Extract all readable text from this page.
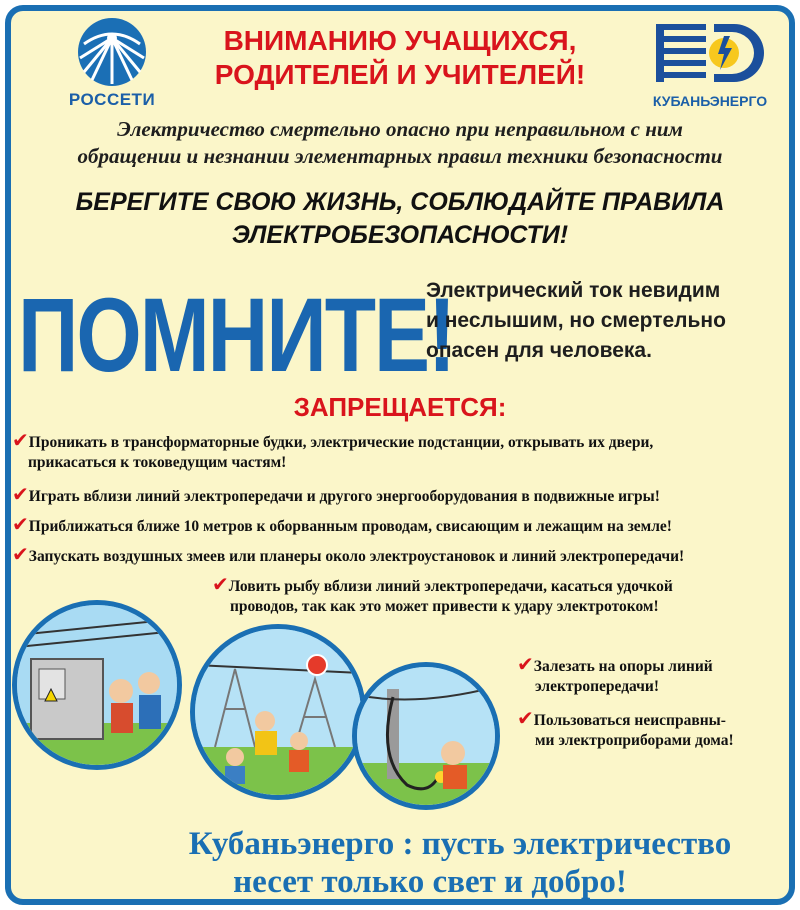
РОССЕТИ	КУБАНЬЭНЕРГО
ВНИМАНИЮ УЧАЩИХСЯ,
РОДИТЕЛЕЙ И УЧИТЕЛЕЙ!
Электричество смертельно опасно при неправильном с ним
обращении и незнании элементарных правил техники безопасности
БЕРЕГИТЕ СВОЮ ЖИЗНЬ, СОБЛЮДАЙТЕ ПРАВИЛА
ЭЛЕКТРОБЕЗОПАСНОСТИ!
ПОМНИТЕ!
Электрический ток невидим
и неслышим, но смертельно
опасен для человека.
ЗАПРЕЩАЕТСЯ:
✔Проникать в трансформаторные будки, электрические подстанции, открывать их двери,
прикасаться к токоведущим частям!
✔Играть вблизи линий электропередачи и другого энергооборудования в подвижные игры!
✔Приближаться ближе 10 метров к оборванным проводам, свисающим и лежащим на земле!
✔Запускать воздушных змеев или планеры около электроустановок и линий электропередачи!
✔Ловить рыбу вблизи линий электропередачи, касаться удочкой
проводов, так как это может привести к удару электротоком!
✔Залезать на опоры линий
электропередачи!
✔Пользоваться неисправны-
ми электроприборами дома!
Кубаньэнерго : пусть электричество
несет только свет и добро!
